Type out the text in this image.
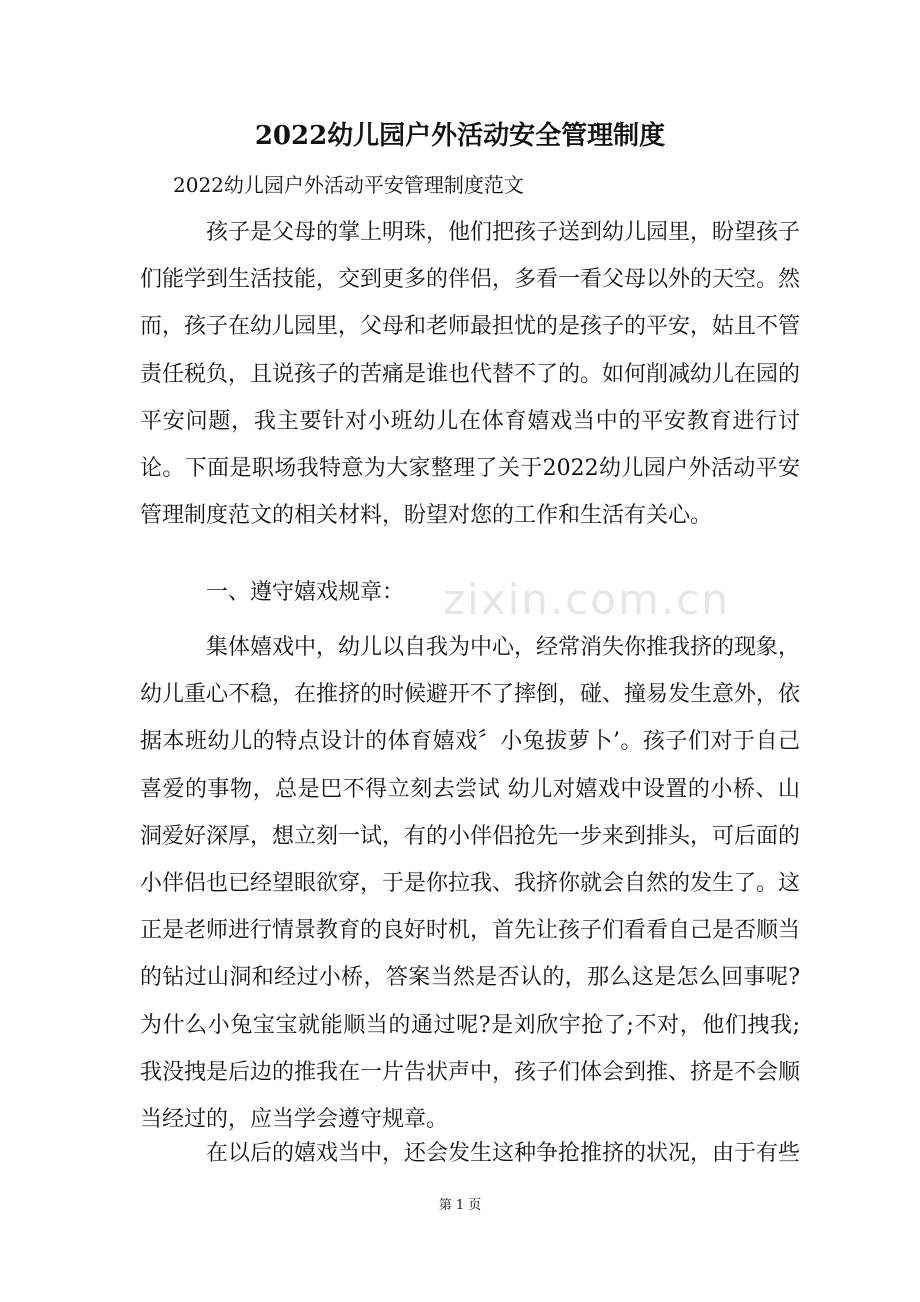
zixin.com.cn
2022幼儿园户外活动安全管理制度

2022幼儿园户外活动平安管理制度范文

孩子是父母的掌上明珠，他们把孩子送到幼儿园里，盼望孩子们能学到生活技能，交到更多的伴侣，多看一看父母以外的天空。然而，孩子在幼儿园里，父母和老师最担忧的是孩子的平安，姑且不管责任税负，且说孩子的苦痛是谁也代替不了的。如何削减幼儿在园的平安问题，我主要针对小班幼儿在体育嬉戏当中的平安教育进行讨论。下面是职场我特意为大家整理了关于2022幼儿园户外活动平安管理制度范文的相关材料，盼望对您的工作和生活有关心。

一、遵守嬉戏规章：

集体嬉戏中，幼儿以自我为中心，经常消失你推我挤的现象，幼儿重心不稳，在推挤的时候避开不了摔倒，碰、撞易发生意外，依据本班幼儿的特点设计的体育嬉戏〞小兔拔萝卜’。孩子们对于自己喜爱的事物，总是巴不得立刻去尝试 幼儿对嬉戏中设置的小桥、山洞爱好深厚，想立刻一试，有的小伴侣抢先一步来到排头，可后面的小伴侣也已经望眼欲穿，于是你拉我、我挤你就会自然的发生了。这正是老师进行情景教育的良好时机，首先让孩子们看看自己是否顺当的钻过山洞和经过小桥，答案当然是否认的，那么这是怎么回事呢?为什么小兔宝宝就能顺当的通过呢?是刘欣宇抢了;不对，他们拽我;我没拽是后边的推我在一片告状声中，孩子们体会到推、挤是不会顺当经过的，应当学会遵守规章。

在以后的嬉戏当中，还会发生这种争抢推挤的状况，由于有些

第 1 页
